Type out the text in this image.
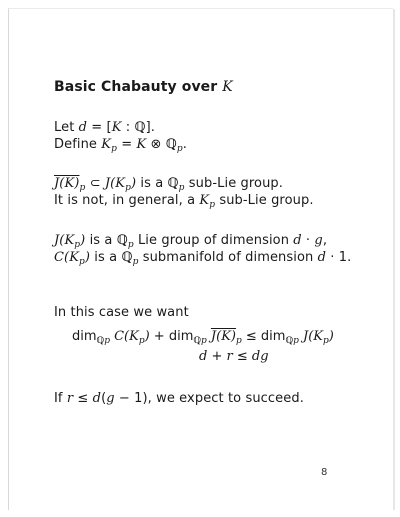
Basic Chabauty over K
Let d = [K : ℚ].
Define $K_p = K$ ⊗ ℚ$_p$.
$J(K)_p$ ⊂ $J(K_p)$ is a ℚ$_p$ sub-Lie group.
It is not, in general, a $K_p$ sub-Lie group.
$J(K_p)$ is a ℚ$_p$ Lie group of dimension d · g,
$C(K_p)$ is a ℚ$_p$ submanifold of dimension d · 1.
In this case we want
dim$_{ℚp}$ $C(K_p) + dim_{ℚp}$ $J(K)_p \le dim_{ℚp}$ $J(K_p)$
d + r ≤ dg
If r ≤ d(g − 1), we expect to succeed.
8
